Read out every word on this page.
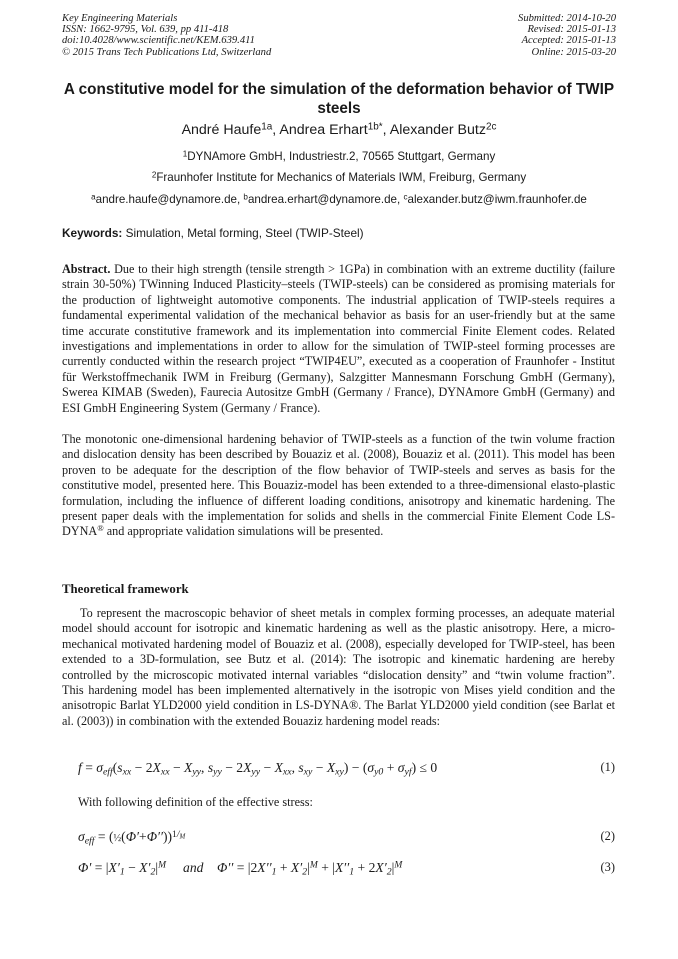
Key Engineering Materials
ISSN: 1662-9795, Vol. 639, pp 411-418
doi:10.4028/www.scientific.net/KEM.639.411
© 2015 Trans Tech Publications Ltd, Switzerland
Submitted: 2014-10-20
Revised: 2015-01-13
Accepted: 2015-01-13
Online: 2015-03-20
A constitutive model for the simulation of the deformation behavior of TWIP steels
André Haufe$^{1a}$, Andrea Erhart$^{1b*}$, Alexander Butz$^{2c}$
$^1$DYNAmore GmbH, Industriestr.2, 70565 Stuttgart, Germany
$^2$Fraunhofer Institute for Mechanics of Materials IWM, Freiburg, Germany
$^a$andre.haufe@dynamore.de, $^b$andrea.erhart@dynamore.de, $^c$alexander.butz@iwm.fraunhofer.de
Keywords: Simulation, Metal forming, Steel (TWIP-Steel)

Abstract. Due to their high strength (tensile strength > 1GPa) in combination with an extreme ductility (failure strain 30-50%) TWinning Induced Plasticity–steels (TWIP-steels) can be considered as promising materials for the production of lightweight automotive components. The industrial application of TWIP-steels requires a fundamental experimental validation of the mechanical behavior as basis for an user-friendly but at the same time accurate constitutive framework and its implementation into commercial Finite Element codes. Related investigations and implementations in order to allow for the simulation of TWIP-steel forming processes are currently conducted within the research project “TWIP4EU”, executed as a cooperation of Fraunhofer - Institut für Werkstoffmechanik IWM in Freiburg (Germany), Salzgitter Mannesmann Forschung GmbH (Germany), Swerea KIMAB (Sweden), Faurecia Autositze GmbH (Germany / France), DYNAmore GmbH (Germany) and ESI GmbH Engineering System (Germany / France).

The monotonic one-dimensional hardening behavior of TWIP-steels as a function of the twin volume fraction and dislocation density has been described by Bouaziz et al. (2008), Bouaziz et al. (2011). This model has been proven to be adequate for the description of the flow behavior of TWIP-steels and serves as basis for the constitutive model, presented here. This Bouaziz-model has been extended to a three-dimensional elasto-plastic formulation, including the influence of different loading conditions, anisotropy and kinematic hardening. The present paper deals with the implementation for solids and shells in the commercial Finite Element Code LS-DYNA® and appropriate validation simulations will be presented.

Theoretical framework

To represent the macroscopic behavior of sheet metals in complex forming processes, an adequate material model should account for isotropic and kinematic hardening as well as the plastic anisotropy. Here, a micro-mechanical motivated hardening model of Bouaziz et al. (2008), especially developed for TWIP-steel, has been extended to a 3D-formulation, see Butz et al. (2014): The isotropic and kinematic hardening are hereby controlled by the microscopic motivated internal variables “dislocation density” and “twin volume fraction”. This hardening model has been implemented alternatively in the isotropic von Mises yield condition and the anisotropic Barlat YLD2000 yield condition in LS-DYNA®. The Barlat YLD2000 yield condition (see Barlat et al. (2003)) in combination with the extended Bouaziz hardening model reads:

$f = \sigma_{eff}(s_{xx} - 2X_{xx} - X_{yy}$, $s_{yy} - 2X_{yy} - X_{xx}$, $s_{xy} - X_{xy}) - (\sigma_{y0} + \sigma_{yf}) \le 0$	(1)
With following definition of the effective stress:
$\sigma_{eff}$ = (½(Φ′+Φ′′))$^{1/_M}$	(2)
$\Phi' = |X'_1 - X'_2|^M$     and    $\Phi'' = |2X''_1 + X'_2|^M + |X''_1 + 2X'_2|^M$	(3)
